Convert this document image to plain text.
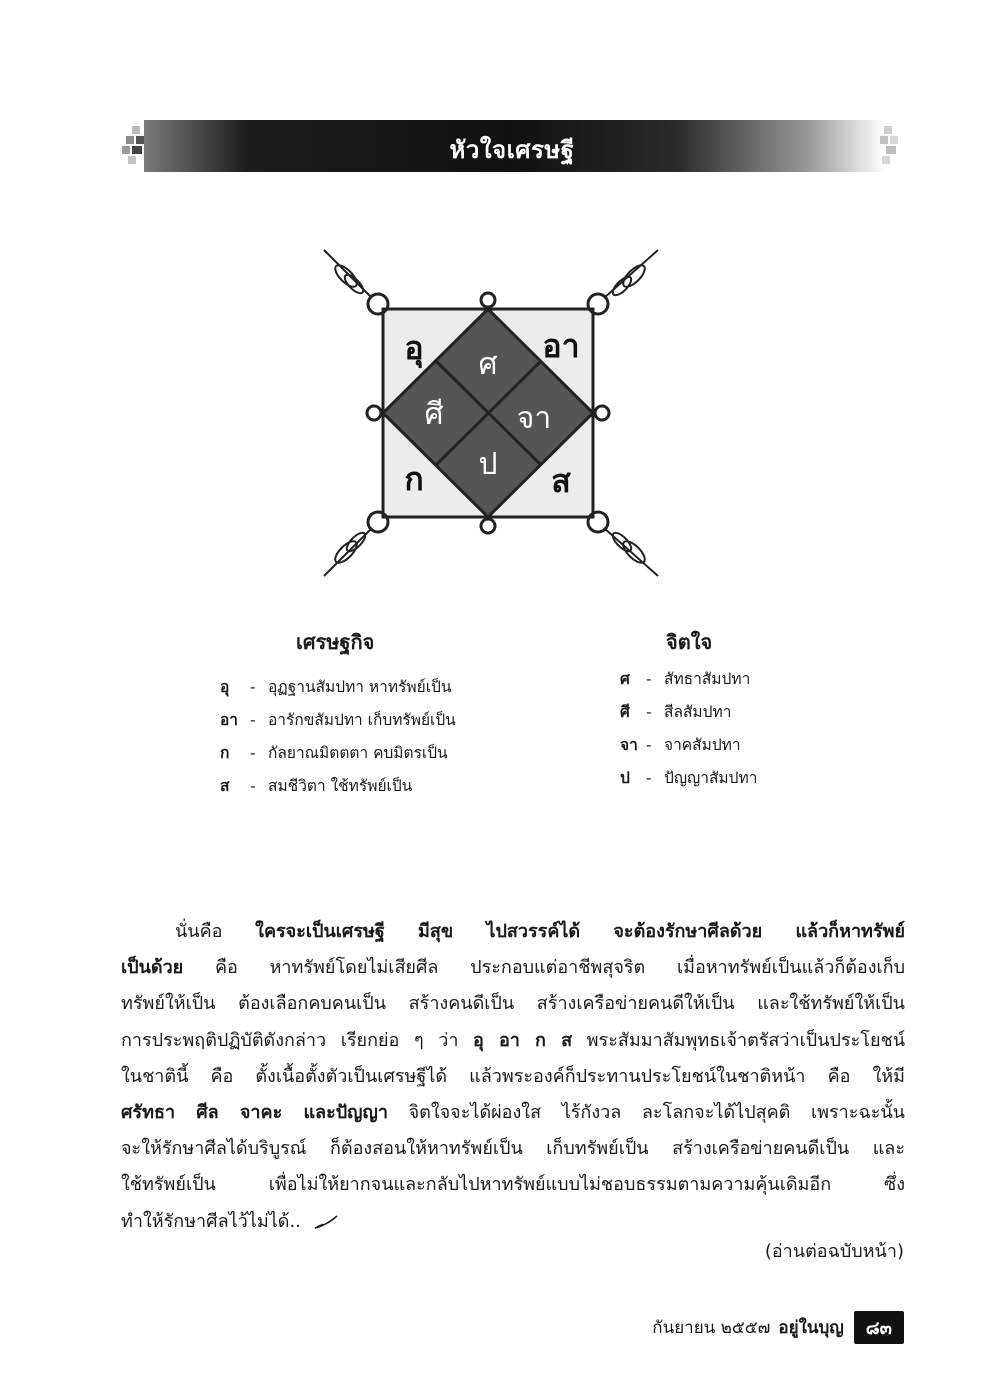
หัวใจเศรษฐี
อุ	อา
ก	ส
ศ
ศี จา
ป
เศรษฐกิจ	จิตใจ
อุ	- อุฏฐานสัมปทา หาทรัพย์เป็น
อา - อารักขสัมปทา เก็บทรัพย์เป็น
ก	- กัลยาณมิตตตา คบมิตรเป็น
ส	- สมชีวิตา ใช้ทรัพย์เป็น
ศ	- สัทธาสัมปทา
ศี	- สีลสัมปทา
จา - จาคสัมปทา
ป	- ปัญญาสัมปทา
นั่นคือ ใครจะเป็นเศรษฐี มีสุข ไปสวรรค์ได้ จะต้องรักษาศีลด้วย แล้วก็หาทรัพย์
เป็นด้วย คือ หาทรัพย์โดยไม่เสียศีล ประกอบแต่อาชีพสุจริต เมื่อหาทรัพย์เป็นแล้วก็ต้องเก็บ
ทรัพย์ให้เป็น ต้องเลือกคบคนเป็น สร้างคนดีเป็น สร้างเครือข่ายคนดีให้เป็น และใช้ทรัพย์ให้เป็น
การประพฤติปฏิบัติดังกล่าว เรียกย่อ ๆ ว่า อุ อา ก ส พระสัมมาสัมพุทธเจ้าตรัสว่าเป็นประโยชน์
ในชาตินี้ คือ ตั้งเนื้อตั้งตัวเป็นเศรษฐีได้ แล้วพระองค์ก็ประทานประโยชน์ในชาติหน้า คือ ให้มี
ศรัทธา ศีล จาคะ และปัญญา จิตใจจะได้ผ่องใส ไร้กังวล ละโลกจะได้ไปสุคติ เพราะฉะนั้น
จะให้รักษาศีลได้บริบูรณ์ ก็ต้องสอนให้หาทรัพย์เป็น เก็บทรัพย์เป็น สร้างเครือข่ายคนดีเป็น และ
ใช้ทรัพย์เป็น เพื่อไม่ให้ยากจนและกลับไปหาทรัพย์แบบไม่ชอบธรรมตามความคุ้นเดิมอีก ซึ่ง
ทำให้รักษาศีลไว้ไม่ได้..
(อ่านต่อฉบับหน้า)
กันยายน ๒๕๕๗ อยู่ในบุญ	๘๓
